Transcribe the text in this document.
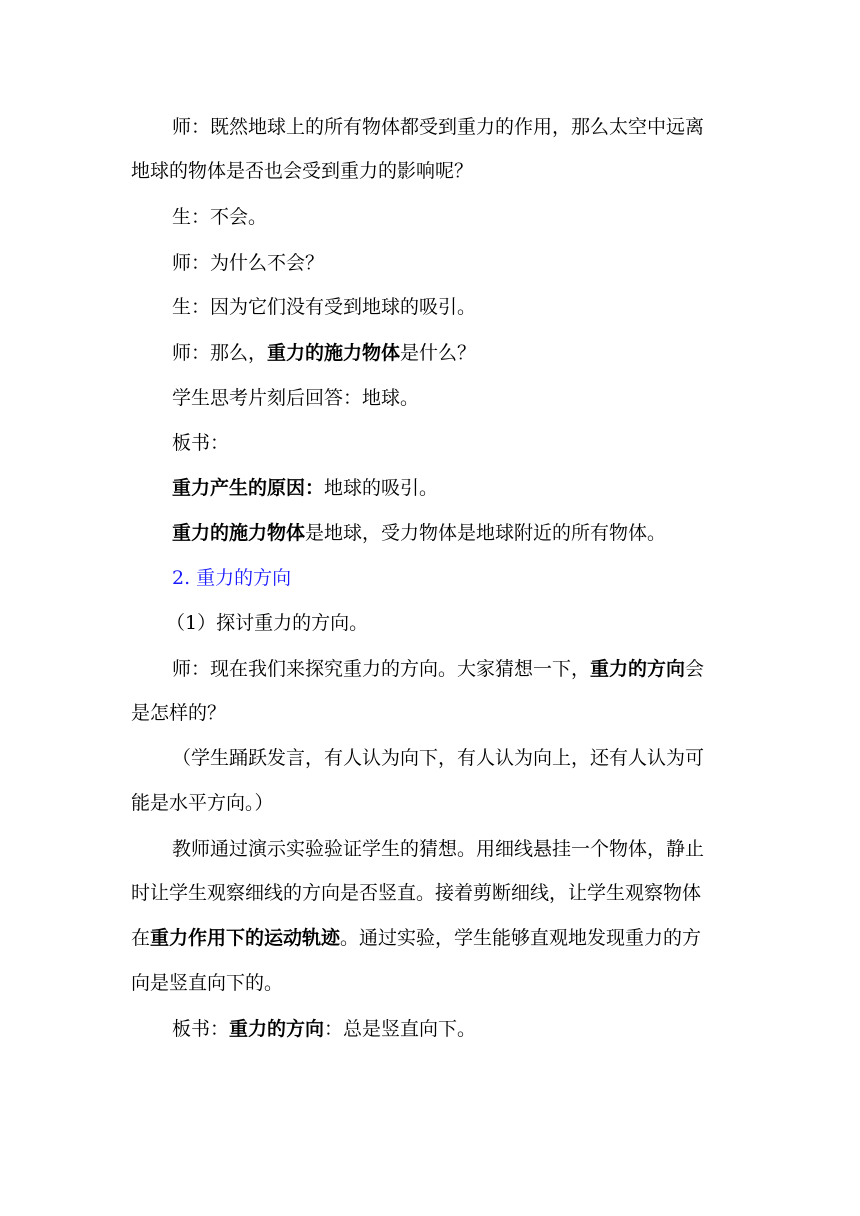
师：既然地球上的所有物体都受到重力的作用，那么太空中远离
地球的物体是否也会受到重力的影响呢？
生：不会。
师：为什么不会？
生：因为它们没有受到地球的吸引。
师：那么，重力的施力物体是什么？
学生思考片刻后回答：地球。
板书：
重力产生的原因：地球的吸引。
重力的施力物体是地球，受力物体是地球附近的所有物体。
2. 重力的方向
（1）探讨重力的方向。
师：现在我们来探究重力的方向。大家猜想一下，重力的方向会
是怎样的？
（学生踊跃发言，有人认为向下，有人认为向上，还有人认为可
能是水平方向。）
教师通过演示实验验证学生的猜想。用细线悬挂一个物体，静止
时让学生观察细线的方向是否竖直。接着剪断细线，让学生观察物体
在重力作用下的运动轨迹。通过实验，学生能够直观地发现重力的方
向是竖直向下的。
板书：重力的方向：总是竖直向下。
